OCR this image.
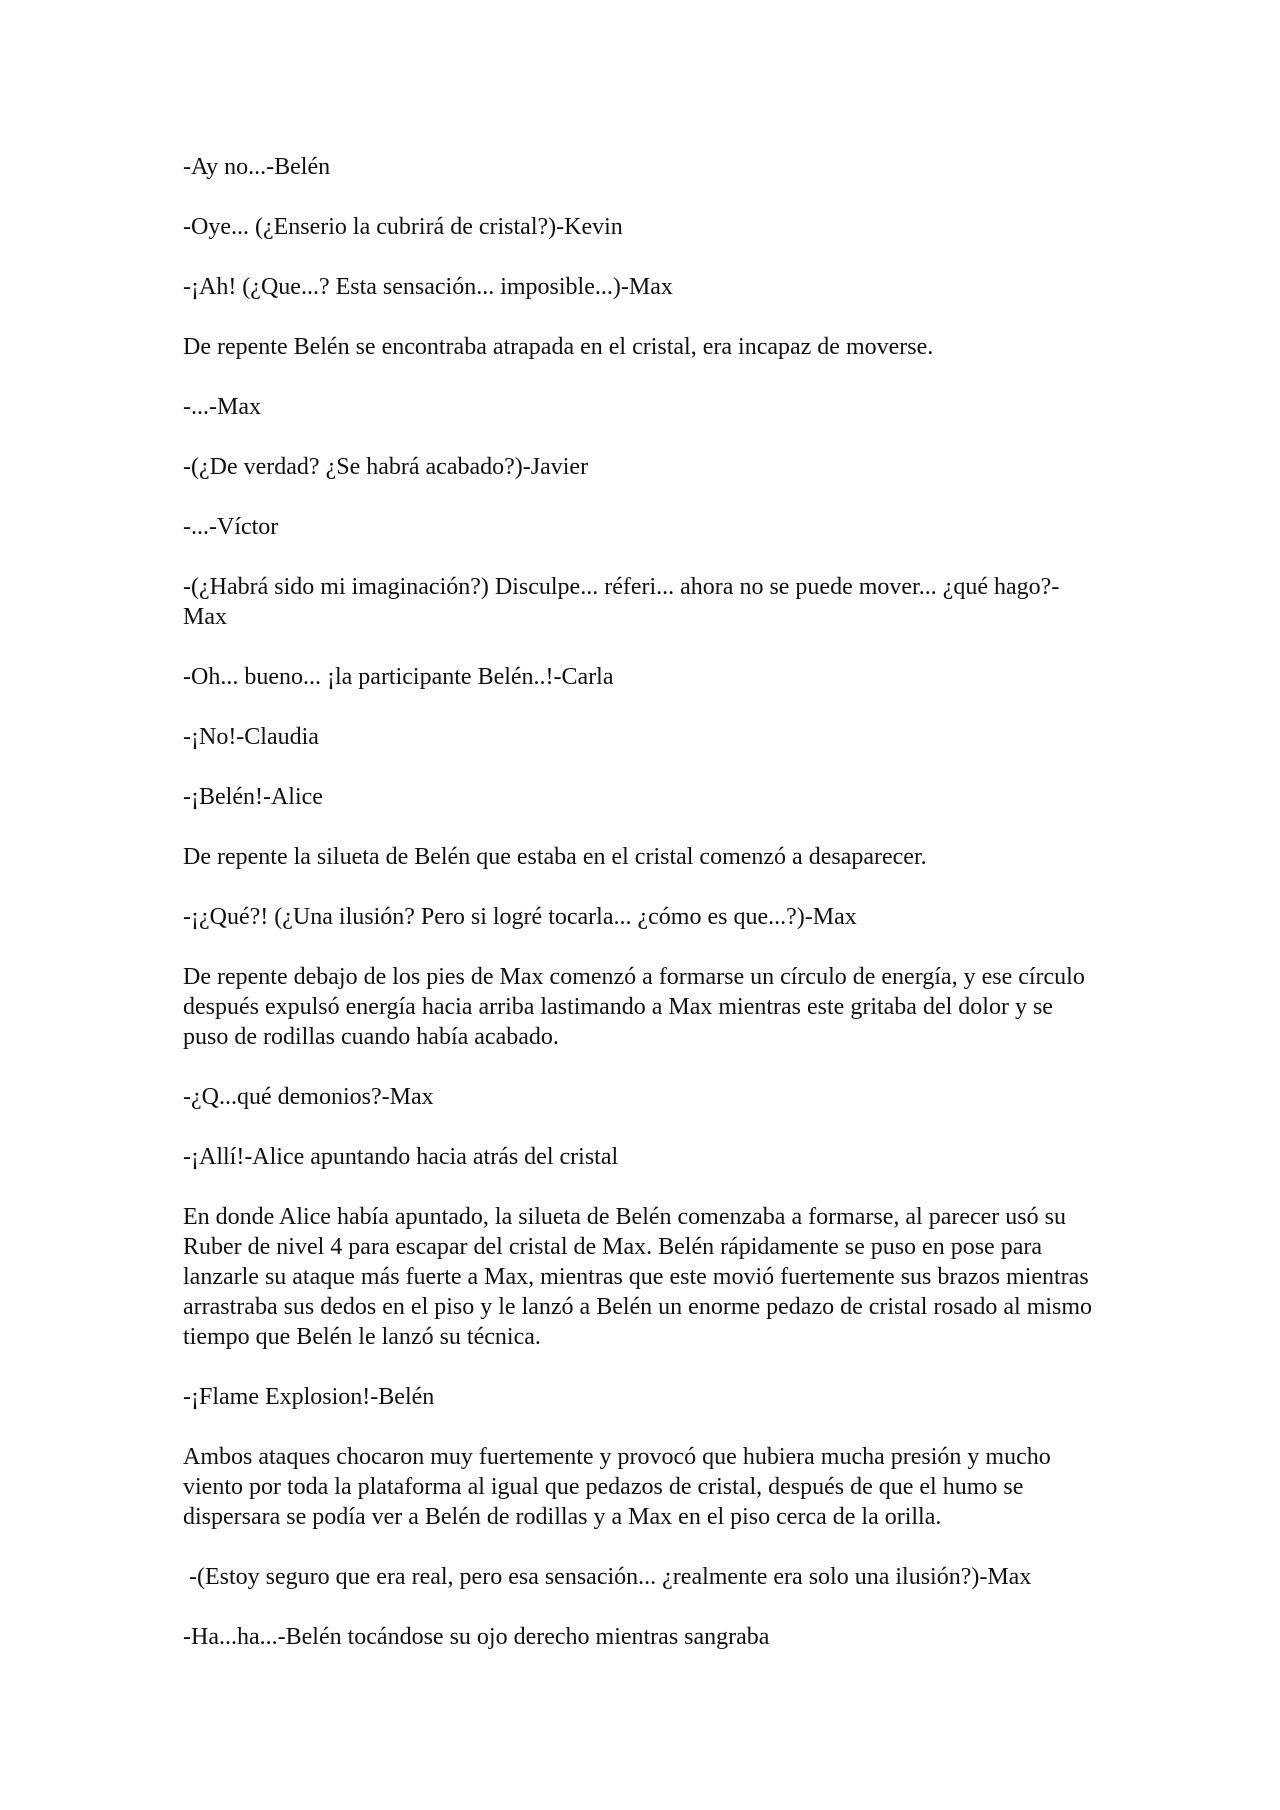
-Ay no...-Belén

-Oye... (¿Enserio la cubrirá de cristal?)-Kevin

-¡Ah! (¿Que...? Esta sensación... imposible...)-Max

De repente Belén se encontraba atrapada en el cristal, era incapaz de moverse.

-...-Max

-(¿De verdad? ¿Se habrá acabado?)-Javier

-...-Víctor

-(¿Habrá sido mi imaginación?) Disculpe... réferi... ahora no se puede mover... ¿qué hago?-Max

-Oh... bueno... ¡la participante Belén..!-Carla

-¡No!-Claudia

-¡Belén!-Alice

De repente la silueta de Belén que estaba en el cristal comenzó a desaparecer.

-¡¿Qué?! (¿Una ilusión? Pero si logré tocarla... ¿cómo es que...?)-Max

De repente debajo de los pies de Max comenzó a formarse un círculo de energía, y ese círculo después expulsó energía hacia arriba lastimando a Max mientras este gritaba del dolor y se puso de rodillas cuando había acabado.

-¿Q...qué demonios?-Max

-¡Allí!-Alice apuntando hacia atrás del cristal

En donde Alice había apuntado, la silueta de Belén comenzaba a formarse, al parecer usó su Ruber de nivel 4 para escapar del cristal de Max. Belén rápidamente se puso en pose para lanzarle su ataque más fuerte a Max, mientras que este movió fuertemente sus brazos mientras arrastraba sus dedos en el piso y le lanzó a Belén un enorme pedazo de cristal rosado al mismo tiempo que Belén le lanzó su técnica.

-¡Flame Explosion!-Belén

Ambos ataques chocaron muy fuertemente y provocó que hubiera mucha presión y mucho viento por toda la plataforma al igual que pedazos de cristal, después de que el humo se dispersara se podía ver a Belén de rodillas y a Max en el piso cerca de la orilla.

-(Estoy seguro que era real, pero esa sensación... ¿realmente era solo una ilusión?)-Max

-Ha...ha...-Belén tocándose su ojo derecho mientras sangraba
